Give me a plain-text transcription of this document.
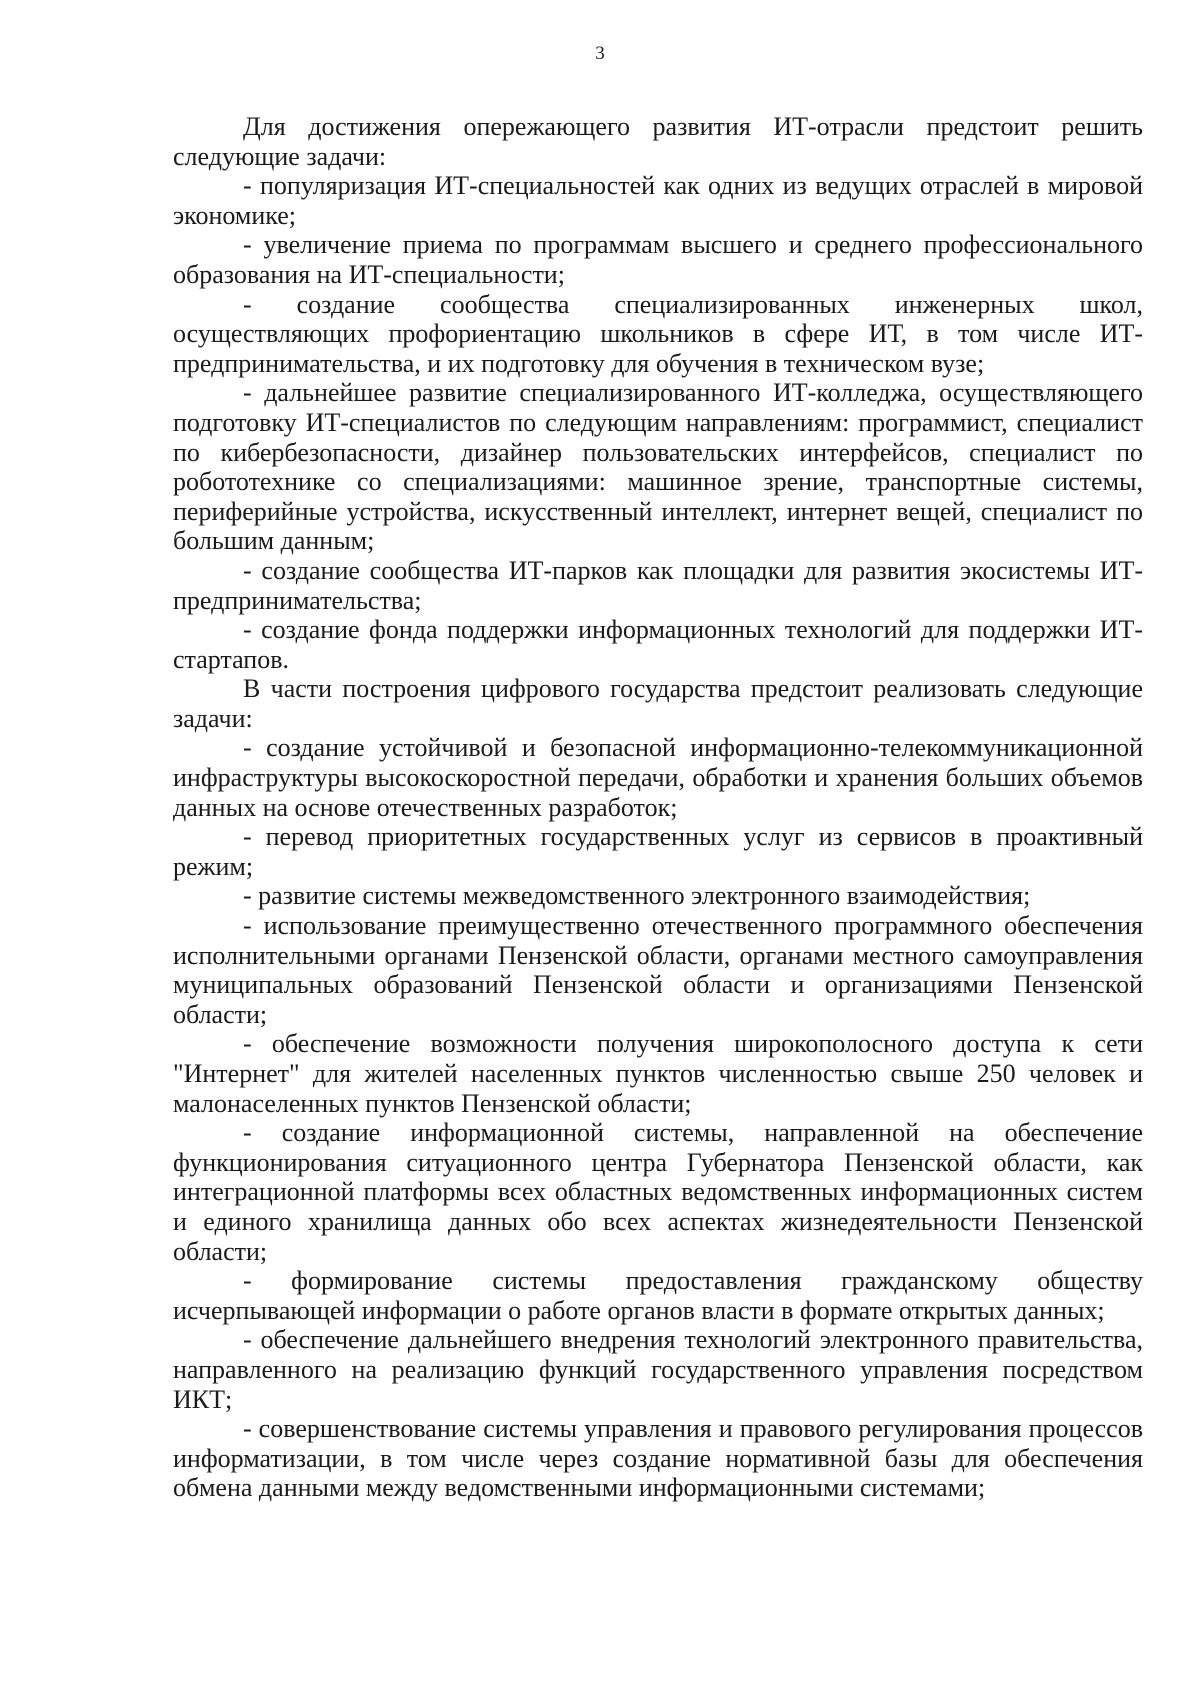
3

Для достижения опережающего развития ИТ-отрасли предстоит решить следующие задачи:

- популяризация ИТ-специальностей как одних из ведущих отраслей в мировой экономике;

- увеличение приема по программам высшего и среднего профессионального образования на ИТ-специальности;

- создание сообщества специализированных инженерных школ, осуществляющих профориентацию школьников в сфере ИТ, в том числе ИТ-предпринимательства, и их подготовку для обучения в техническом вузе;

- дальнейшее развитие специализированного ИТ-колледжа, осуществляющего подготовку ИТ-специалистов по следующим направлениям: программист, специалист по кибербезопасности, дизайнер пользовательских интерфейсов, специалист по робототехнике со специализациями: машинное зрение, транспортные системы, периферийные устройства, искусственный интеллект, интернет вещей, специалист по большим данным;

- создание сообщества ИТ-парков как площадки для развития экосистемы ИТ-предпринимательства;

- создание фонда поддержки информационных технологий для поддержки ИТ-стартапов.

В части построения цифрового государства предстоит реализовать следующие задачи:

- создание устойчивой и безопасной информационно-телекоммуникационной инфраструктуры высокоскоростной передачи, обработки и хранения больших объемов данных на основе отечественных разработок;

- перевод приоритетных государственных услуг из сервисов в проактивный режим;

- развитие системы межведомственного электронного взаимодействия;

- использование преимущественно отечественного программного обеспечения исполнительными органами Пензенской области, органами местного самоуправления муниципальных образований Пензенской области и организациями Пензенской области;

- обеспечение возможности получения широкополосного доступа к сети "Интернет" для жителей населенных пунктов численностью свыше 250 человек и малонаселенных пунктов Пензенской области;

- создание информационной системы, направленной на обеспечение функционирования ситуационного центра Губернатора Пензенской области, как интеграционной платформы всех областных ведомственных информационных систем и единого хранилища данных обо всех аспектах жизнедеятельности Пензенской области;

- формирование системы предоставления гражданскому обществу исчерпывающей информации о работе органов власти в формате открытых данных;

- обеспечение дальнейшего внедрения технологий электронного правительства, направленного на реализацию функций государственного управления посредством ИКТ;

- совершенствование системы управления и правового регулирования процессов информатизации, в том числе через создание нормативной базы для обеспечения обмена данными между ведомственными информационными системами;
